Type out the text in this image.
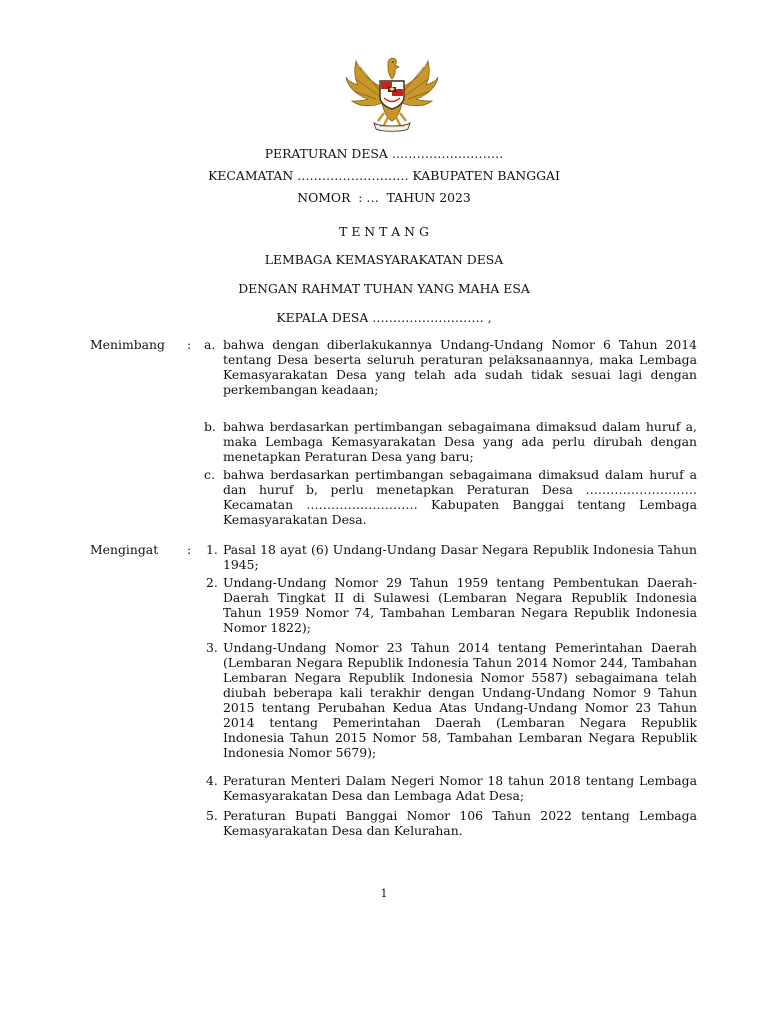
PERATURAN DESA ………………………
KECAMATAN ……………………… KABUPATEN BANGGAI
NOMOR  : …  TAHUN 2023
T E N T A N G
LEMBAGA KEMASYARAKATAN DESA
DENGAN RAHMAT TUHAN YANG MAHA ESA
KEPALA DESA ……………………… ,
Menimbang : a. bahwa dengan diberlakukannya Undang-Undang Nomor 6 Tahun 2014 tentang Desa beserta seluruh peraturan pelaksanaannya, maka Lembaga Kemasyarakatan Desa yang telah ada sudah tidak sesuai lagi dengan perkembangan keadaan;
b. bahwa berdasarkan pertimbangan sebagaimana dimaksud dalam huruf a, maka Lembaga Kemasyarakatan Desa yang ada perlu dirubah dengan menetapkan Peraturan Desa yang baru;
c. bahwa berdasarkan pertimbangan sebagaimana dimaksud dalam huruf a dan huruf b, perlu menetapkan Peraturan Desa ……………………… Kecamatan ……………………… Kabupaten Banggai tentang Lembaga Kemasyarakatan Desa.
Mengingat : 1. Pasal 18 ayat (6) Undang-Undang Dasar Negara Republik Indonesia Tahun 1945;
2. Undang-Undang Nomor 29 Tahun 1959 tentang Pembentukan Daerah-Daerah Tingkat II di Sulawesi (Lembaran Negara Republik Indonesia Tahun 1959 Nomor 74, Tambahan Lembaran Negara Republik Indonesia Nomor 1822);
3. Undang-Undang Nomor 23 Tahun 2014 tentang Pemerintahan Daerah (Lembaran Negara Republik Indonesia Tahun 2014 Nomor 244, Tambahan Lembaran Negara Republik Indonesia Nomor 5587) sebagaimana telah diubah beberapa kali terakhir dengan Undang-Undang Nomor 9 Tahun 2015 tentang Perubahan Kedua Atas Undang-Undang Nomor 23 Tahun 2014 tentang Pemerintahan Daerah (Lembaran Negara Republik Indonesia Tahun 2015 Nomor 58, Tambahan Lembaran Negara Republik Indonesia Nomor 5679);
4. Peraturan Menteri Dalam Negeri Nomor 18 tahun 2018 tentang Lembaga Kemasyarakatan Desa dan Lembaga Adat Desa;
5. Peraturan Bupati Banggai Nomor 106 Tahun 2022 tentang Lembaga Kemasyarakatan Desa dan Kelurahan.
1
